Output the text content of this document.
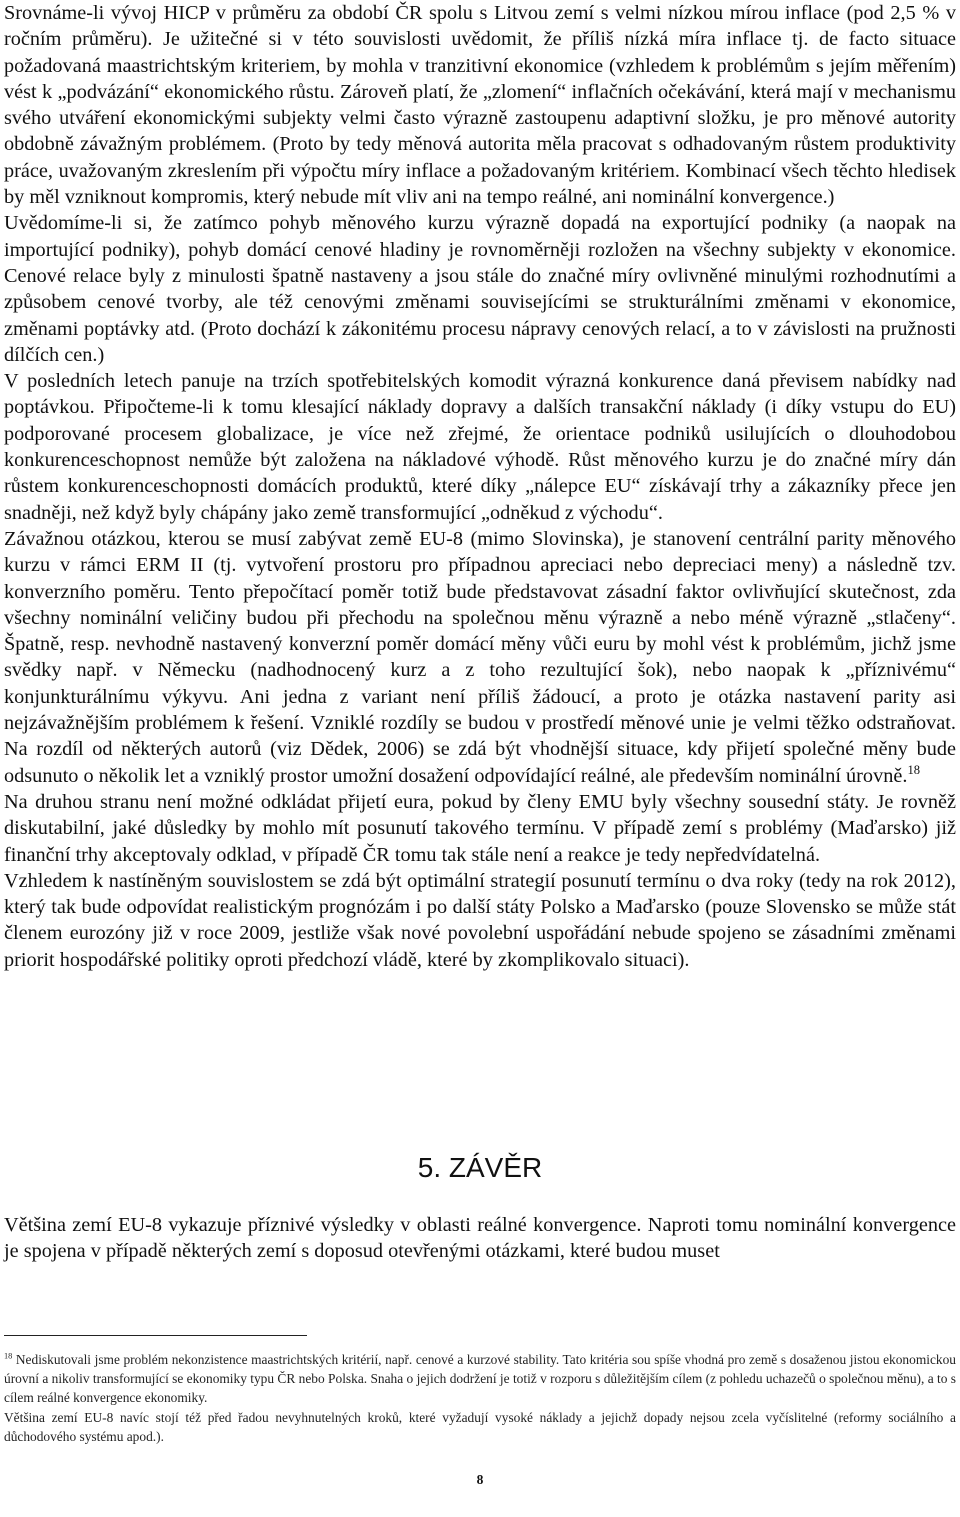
Srovnáme-li vývoj HICP v průměru za období ČR spolu s Litvou zemí s velmi nízkou mírou inflace (pod 2,5 % v ročním průměru). Je užitečné si v této souvislosti uvědomit, že příliš nízká míra inflace tj. de facto situace požadovaná maastrichtským kriteriem, by mohla v tranzitivní ekonomice (vzhledem k problémům s jejím měřením) vést k „podvázání“ ekonomického růstu. Zároveň platí, že „zlomení“ inflačních očekávání, která mají v mechanismu svého utváření ekonomickými subjekty velmi často výrazně zastoupenu adaptivní složku, je pro měnové autority obdobně závažným problémem. (Proto by tedy měnová autorita měla pracovat s odhadovaným růstem produktivity práce, uvažovaným zkreslením při výpočtu míry inflace a požadovaným kritériem. Kombinací všech těchto hledisek by měl vzniknout kompromis, který nebude mít vliv ani na tempo reálné, ani nominální konvergence.)

Uvědomíme-li si, že zatímco pohyb měnového kurzu výrazně dopadá na exportující podniky (a naopak na importující podniky), pohyb domácí cenové hladiny je rovnoměrněji rozložen na všechny subjekty v ekonomice. Cenové relace byly z minulosti špatně nastaveny a jsou stále do značné míry ovlivněné minulými rozhodnutími a způsobem cenové tvorby, ale též cenovými změnami souvisejícími se strukturálními změnami v ekonomice, změnami poptávky atd. (Proto dochází k zákonitému procesu nápravy cenových relací, a to v závislosti na pružnosti dílčích cen.)

V posledních letech panuje na trzích spotřebitelských komodit výrazná konkurence daná převisem nabídky nad poptávkou. Připočteme-li k tomu klesající náklady dopravy a dalších transakční náklady (i díky vstupu do EU) podporované procesem globalizace, je více než zřejmé, že orientace podniků usilujících o dlouhodobou konkurenceschopnost nemůže být založena na nákladové výhodě. Růst měnového kurzu je do značné míry dán růstem konkurenceschopnosti domácích produktů, které díky „nálepce EU“ získávají trhy a zákazníky přece jen snadněji, než když byly chápány jako země transformující „odněkud z východu“.

Závažnou otázkou, kterou se musí zabývat země EU-8 (mimo Slovinska), je stanovení centrální parity měnového kurzu v rámci ERM II (tj. vytvoření prostoru pro případnou apreciaci nebo depreciaci meny) a následně tzv. konverzního poměru. Tento přepočítací poměr totiž bude představovat zásadní faktor ovlivňující skutečnost, zda všechny nominální veličiny budou při přechodu na společnou měnu výrazně a nebo méně výrazně „stlačeny“. Špatně, resp. nevhodně nastavený konverzní poměr domácí měny vůči euru by mohl vést k problémům, jichž jsme svědky např. v Německu (nadhodnocený kurz a z toho rezultující šok), nebo naopak k „příznivému“ konjunkturálnímu výkyvu. Ani jedna z variant není příliš žádoucí, a proto je otázka nastavení parity asi nejzávažnějším problémem k řešení. Vzniklé rozdíly se budou v prostředí měnové unie je velmi těžko odstraňovat. Na rozdíl od některých autorů (viz Dědek, 2006) se zdá být vhodnější situace, kdy přijetí společné měny bude odsunuto o několik let a vzniklý prostor umožní dosažení odpovídající reálné, ale především nominální úrovně.$^{18}$

Na druhou stranu není možné odkládat přijetí eura, pokud by členy EMU byly všechny sousední státy. Je rovněž diskutabilní, jaké důsledky by mohlo mít posunutí takového termínu. V případě zemí s problémy (Maďarsko) již finanční trhy akceptovaly odklad, v případě ČR tomu tak stále není a reakce je tedy nepředvídatelná.

Vzhledem k nastíněným souvislostem se zdá být optimální strategií posunutí termínu o dva roky (tedy na rok 2012), který tak bude odpovídat realistickým prognózám i po další státy Polsko a Maďarsko (pouze Slovensko se může stát členem eurozóny již v roce 2009, jestliže však nové povolební uspořádání nebude spojeno se zásadními změnami priorit hospodářské politiky oproti předchozí vládě, které by zkomplikovalo situaci).

5. ZÁVĚR

Většina zemí EU-8 vykazuje příznivé výsledky v oblasti reálné konvergence. Naproti tomu nominální konvergence je spojena v případě některých zemí s doposud otevřenými otázkami, které budou muset

$^{18}$ Nediskutovali jsme problém nekonzistence maastrichtských kritérií, např. cenové a kurzové stability. Tato kritéria sou spíše vhodná pro země s dosaženou jistou ekonomickou úrovní a nikoliv transformující se ekonomiky typu ČR nebo Polska. Snaha o jejich dodržení je totiž v rozporu s důležitějším cílem (z pohledu uchazečů o společnou měnu), a to s cílem reálné konvergence ekonomiky.

Většina zemí EU-8 navíc stojí též před řadou nevyhnutelných kroků, které vyžadují vysoké náklady a jejichž dopady nejsou zcela vyčíslitelné (reformy sociálního a důchodového systému apod.).

8
